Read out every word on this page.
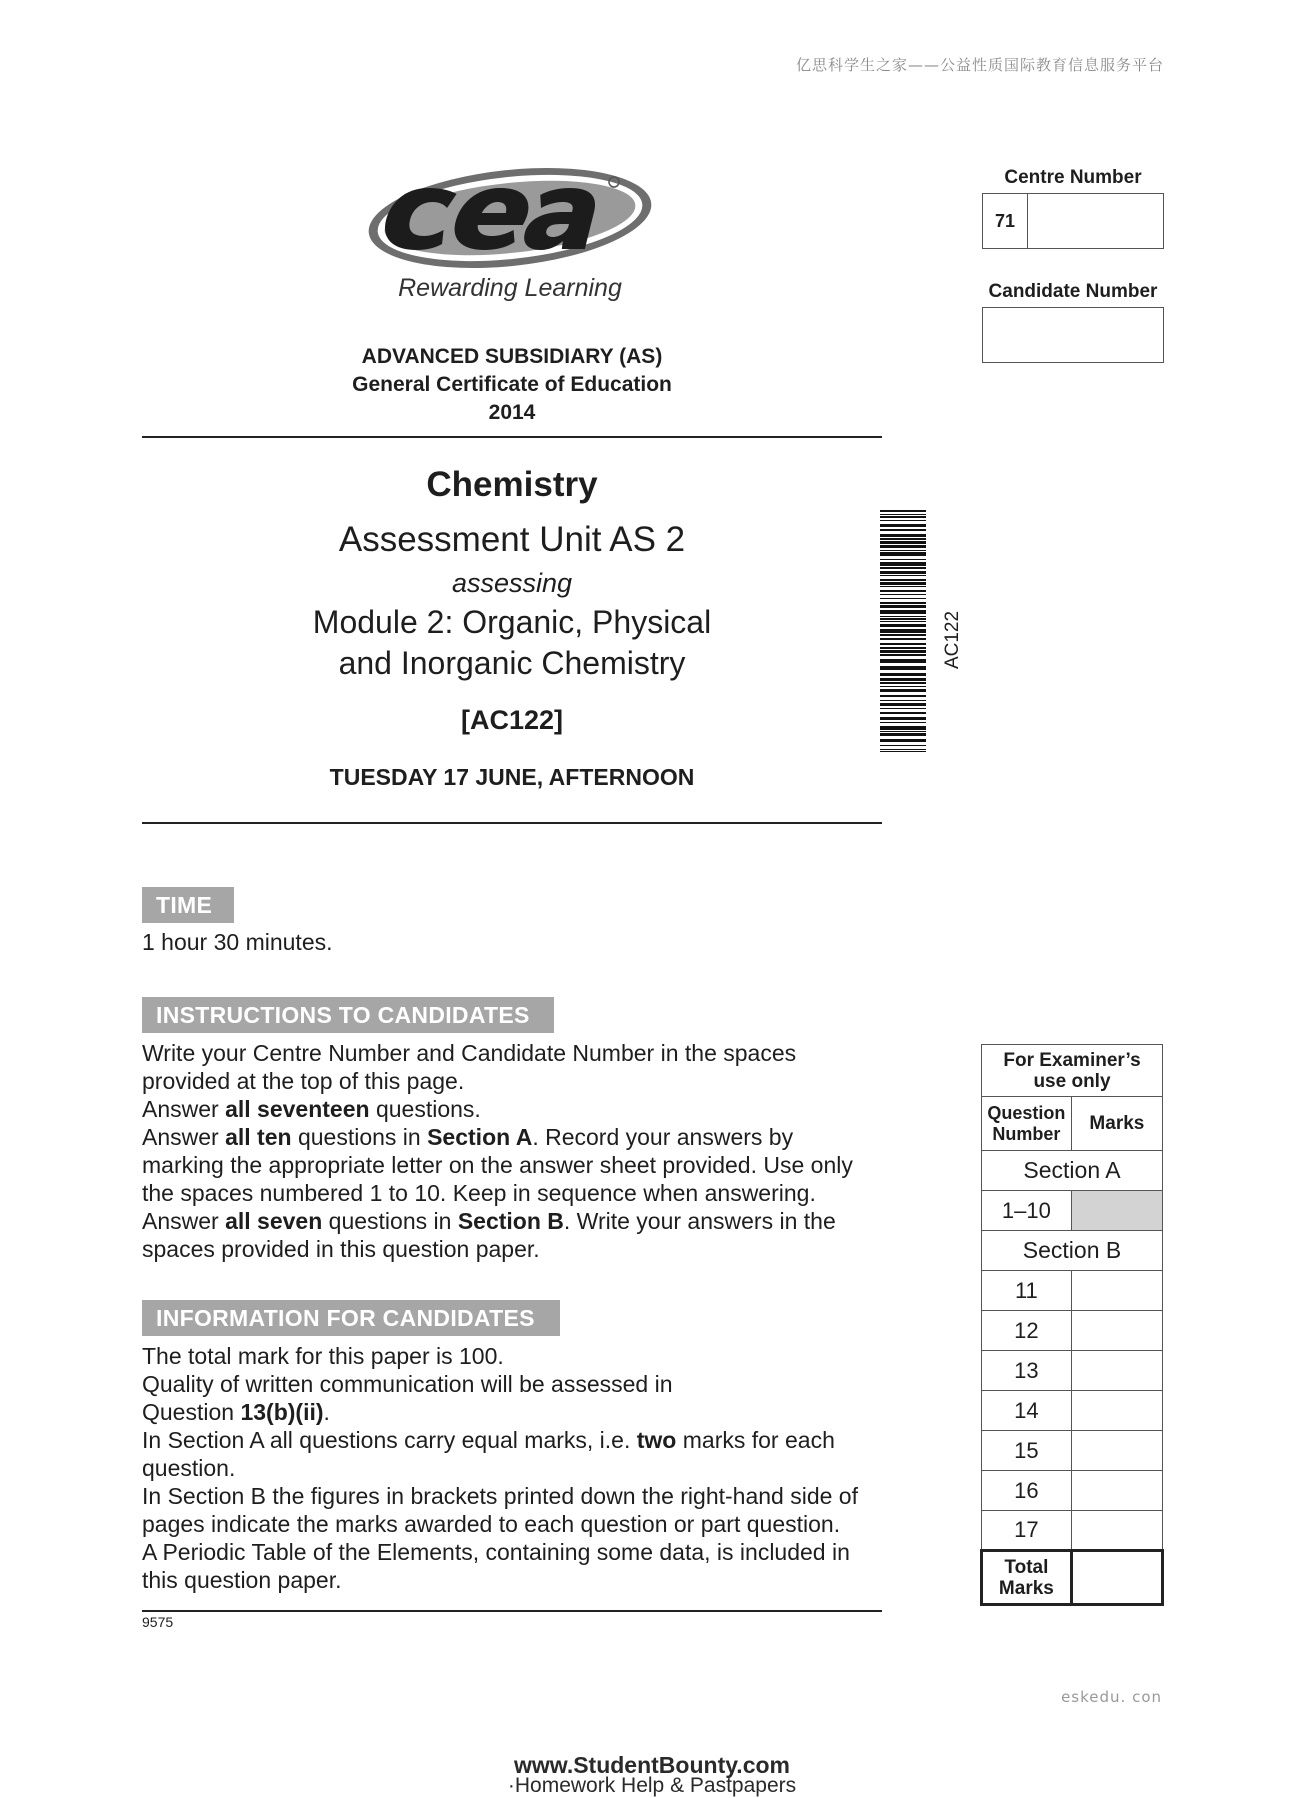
亿思科学生之家——公益性质国际教育信息服务平台
Rewarding Learning
ADVANCED SUBSIDIARY (AS)
General Certificate of Education
2014
Chemistry
Assessment Unit AS 2
assessing
Module 2: Organic, Physical
and Inorganic Chemistry
[AC122]
TUESDAY 17 JUNE, AFTERNOON
AC122
Centre Number
71
Candidate Number
TIME
1 hour 30 minutes.
INSTRUCTIONS TO CANDIDATES
Write your Centre Number and Candidate Number in the spaces
provided at the top of this page.
Answer all seventeen questions.
Answer all ten questions in Section A. Record your answers by
marking the appropriate letter on the answer sheet provided. Use only
the spaces numbered 1 to 10. Keep in sequence when answering.
Answer all seven questions in Section B. Write your answers in the
spaces provided in this question paper.
INFORMATION FOR CANDIDATES
The total mark for this paper is 100.
Quality of written communication will be assessed in
Question 13(b)(ii).
In Section A all questions carry equal marks, i.e. two marks for each
question.
In Section B the figures in brackets printed down the right-hand side of
pages indicate the marks awarded to each question or part question.
A Periodic Table of the Elements, containing some data, is included in
this question paper.
9575
For Examiner’s
use only	

Question
Number	Marks
Section A	
1–10	
Section B	
11	
12	
13	
14	
15	
16	
17	

Total
Marks	

eskedu. con
www.StudentBounty.com
·Homework Help & Pastpapers
